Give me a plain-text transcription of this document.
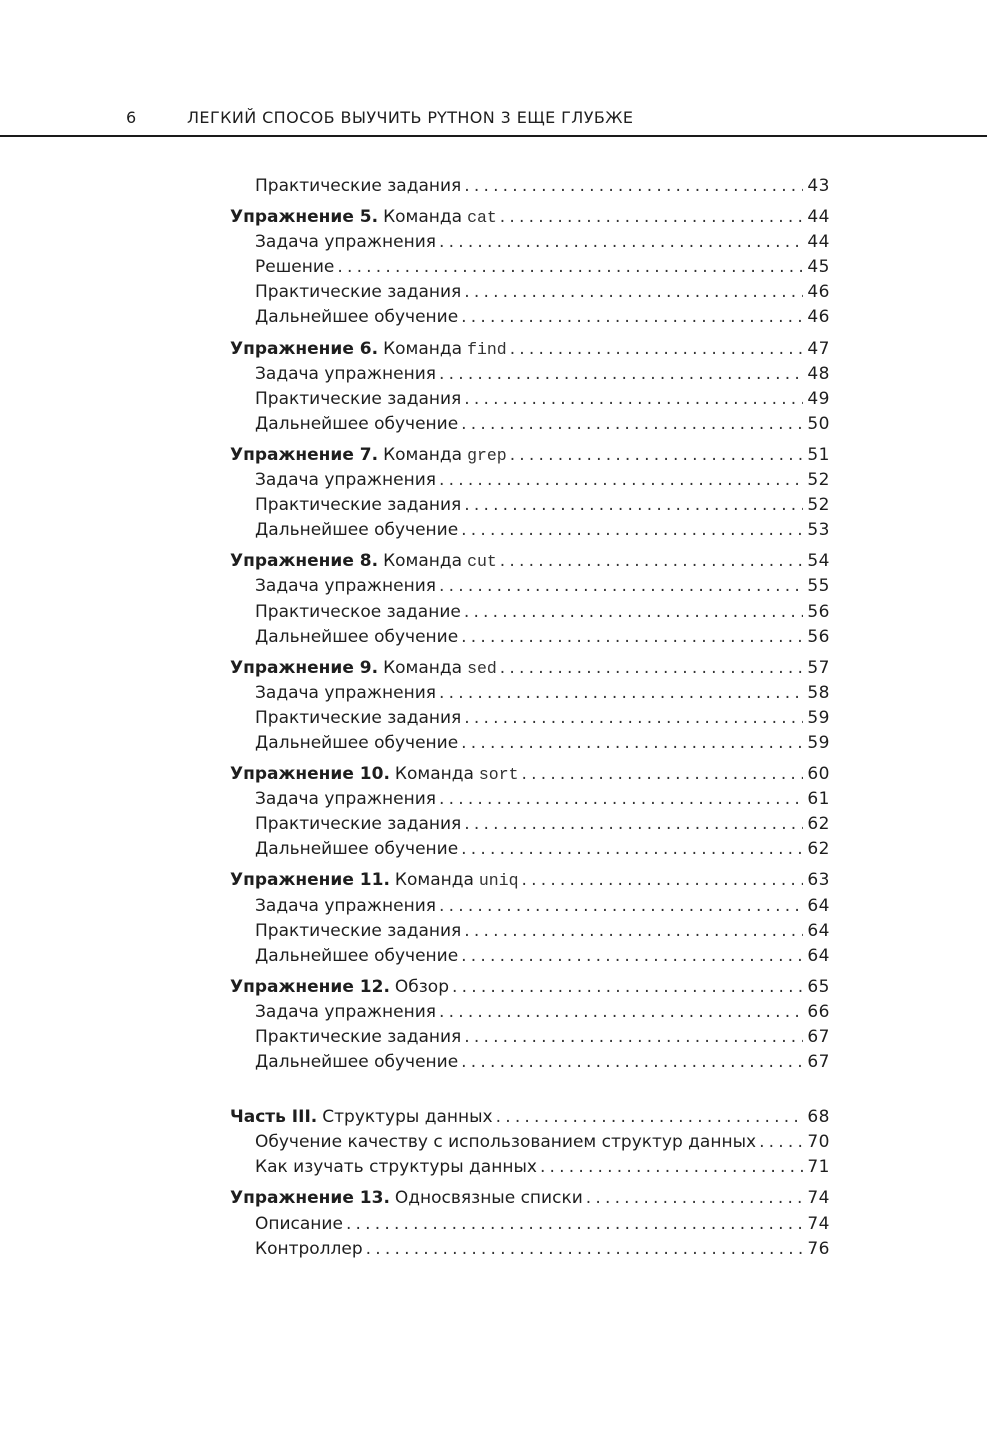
6	ЛЕГКИЙ СПОСОБ ВЫУЧИТЬ PYTHON 3 ЕЩЕ ГЛУБЖЕ
Практические задания .....	43
Упражнение 5. Команда cat .....	44
Задача упражнения .....	44
Решение .....	45
Практические задания .....	46
Дальнейшее обучение .....	46
Упражнение 6. Команда find .....	47
Задача упражнения .....	48
Практические задания .....	49
Дальнейшее обучение .....	50
Упражнение 7. Команда grep .....	51
Задача упражнения .....	52
Практические задания .....	52
Дальнейшее обучение .....	53
Упражнение 8. Команда cut .....	54
Задача упражнения .....	55
Практическое задание .....	56
Дальнейшее обучение .....	56
Упражнение 9. Команда sed .....	57
Задача упражнения .....	58
Практические задания .....	59
Дальнейшее обучение .....	59
Упражнение 10. Команда sort .....	60
Задача упражнения .....	61
Практические задания .....	62
Дальнейшее обучение .....	62
Упражнение 11. Команда uniq .....	63
Задача упражнения .....	64
Практические задания .....	64
Дальнейшее обучение .....	64
Упражнение 12. Обзор .....	65
Задача упражнения .....	66
Практические задания .....	67
Дальнейшее обучение .....	67
Часть III. Структуры данных .....	68
Обучение качеству с использованием структур данных .....	70
Как изучать структуры данных .....	71
Упражнение 13. Односвязные списки .....	74
Описание .....	74
Контроллер .....	76
